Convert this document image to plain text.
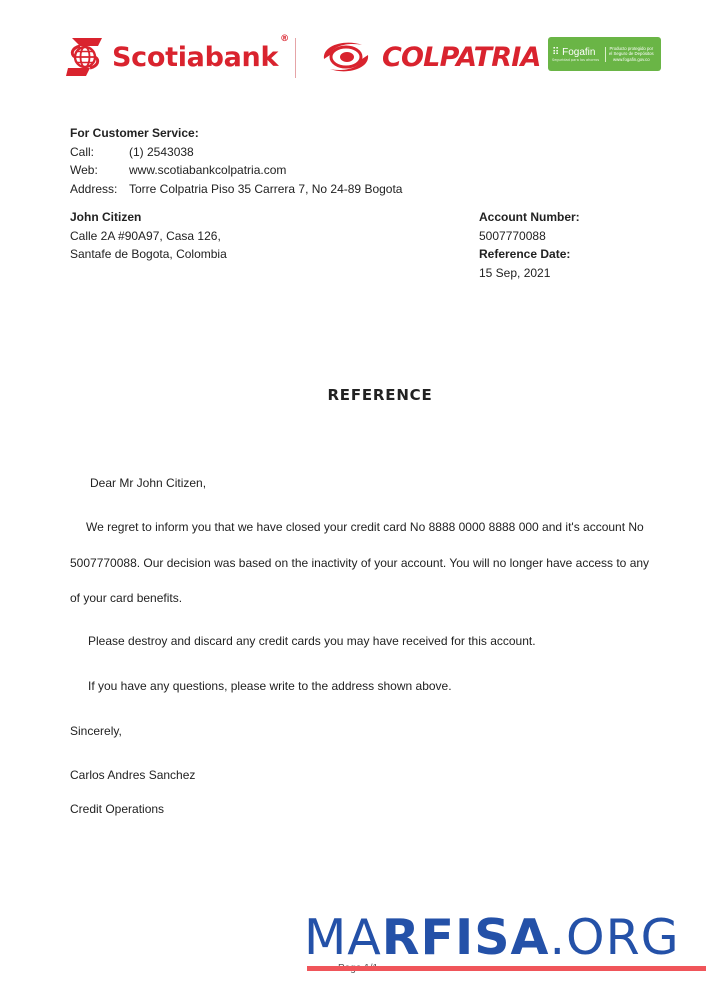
Scotiabank®
COLPATRIA ⠿ Fogafin
Seguridad para los ahorros
Producto protegido por
el Seguro de Depósitos
www.fogafin.gov.co
For Customer Service:
Call:	(1) 2543038
Web:	www.scotiabankcolpatria.com
Address: Torre Colpatria Piso 35 Carrera 7, No 24-89 Bogota
John Citizen
Calle 2A #90A97, Casa 126,
Santafe de Bogota, Colombia
Account Number:
5007770088
Reference Date:
15 Sep, 2021
REFERENCE
Dear Mr John Citizen,
We regret to inform you that we have closed your credit card No 8888 0000 8888 000 and it's account No
5007770088. Our decision was based on the inactivity of your account. You will no longer have access to any
of your card benefits.
Please destroy and discard any credit cards you may have received for this account.
If you have any questions, please write to the address shown above.
Sincerely,
Carlos Andres Sanchez
Credit Operations
MARFISA.ORG
